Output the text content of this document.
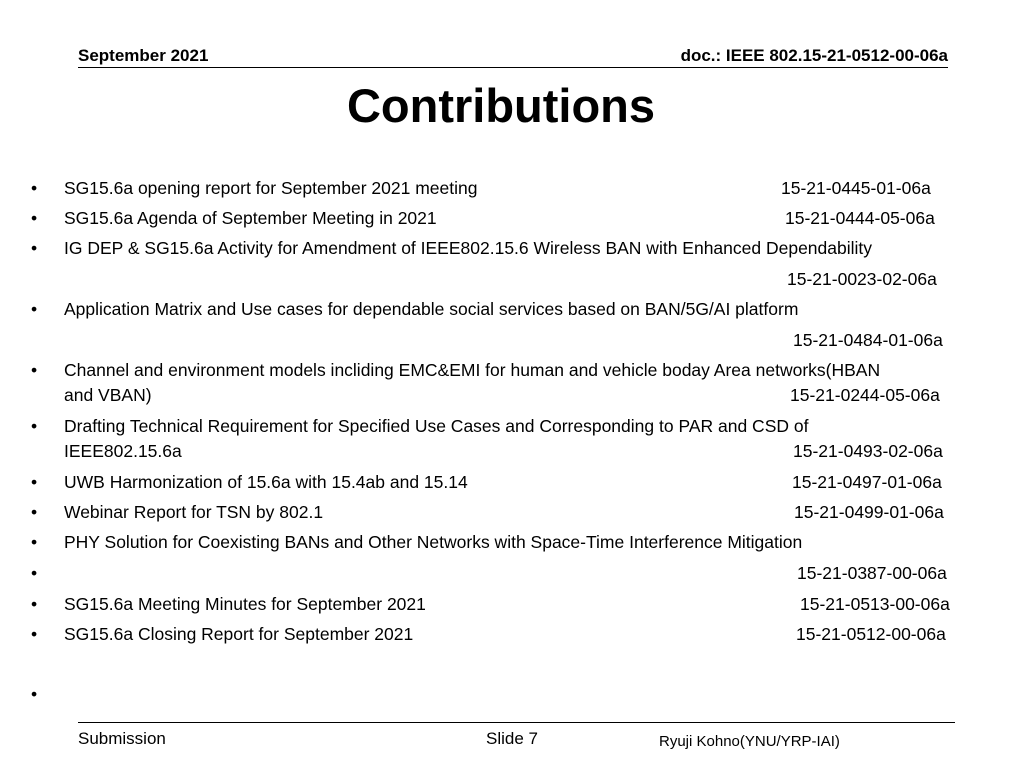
September 2021	doc.: IEEE 802.15-21-0512-00-06a
Contributions
• SG15.6a opening report for September 2021 meeting	15-21-0445-01-06a
• SG15.6a Agenda of September Meeting in 2021	15-21-0444-05-06a
• IG DEP & SG15.6a Activity for Amendment of IEEE802.15.6 Wireless BAN with Enhanced Dependability
15-21-0023-02-06a
• Application Matrix and Use cases for dependable social services based on BAN/5G/AI platform
15-21-0484-01-06a
• Channel and environment models incliding EMC&EMI for human and vehicle boday Area networks(HBAN
and VBAN)	15-21-0244-05-06a
• Drafting Technical Requirement for Specified Use Cases and Corresponding to PAR and CSD of
IEEE802.15.6a	15-21-0493-02-06a
• UWB Harmonization of 15.6a with 15.4ab and 15.14	15-21-0497-01-06a
• Webinar Report for TSN by 802.1	15-21-0499-01-06a
• PHY Solution for Coexisting BANs and Other Networks with Space-Time Interference Mitigation
•	15-21-0387-00-06a
• SG15.6a Meeting Minutes for September 2021	15-21-0513-00-06a
• SG15.6a Closing Report for September 2021	15-21-0512-00-06a
•
Submission	Slide 7	Ryuji Kohno(YNU/YRP-IAI)
